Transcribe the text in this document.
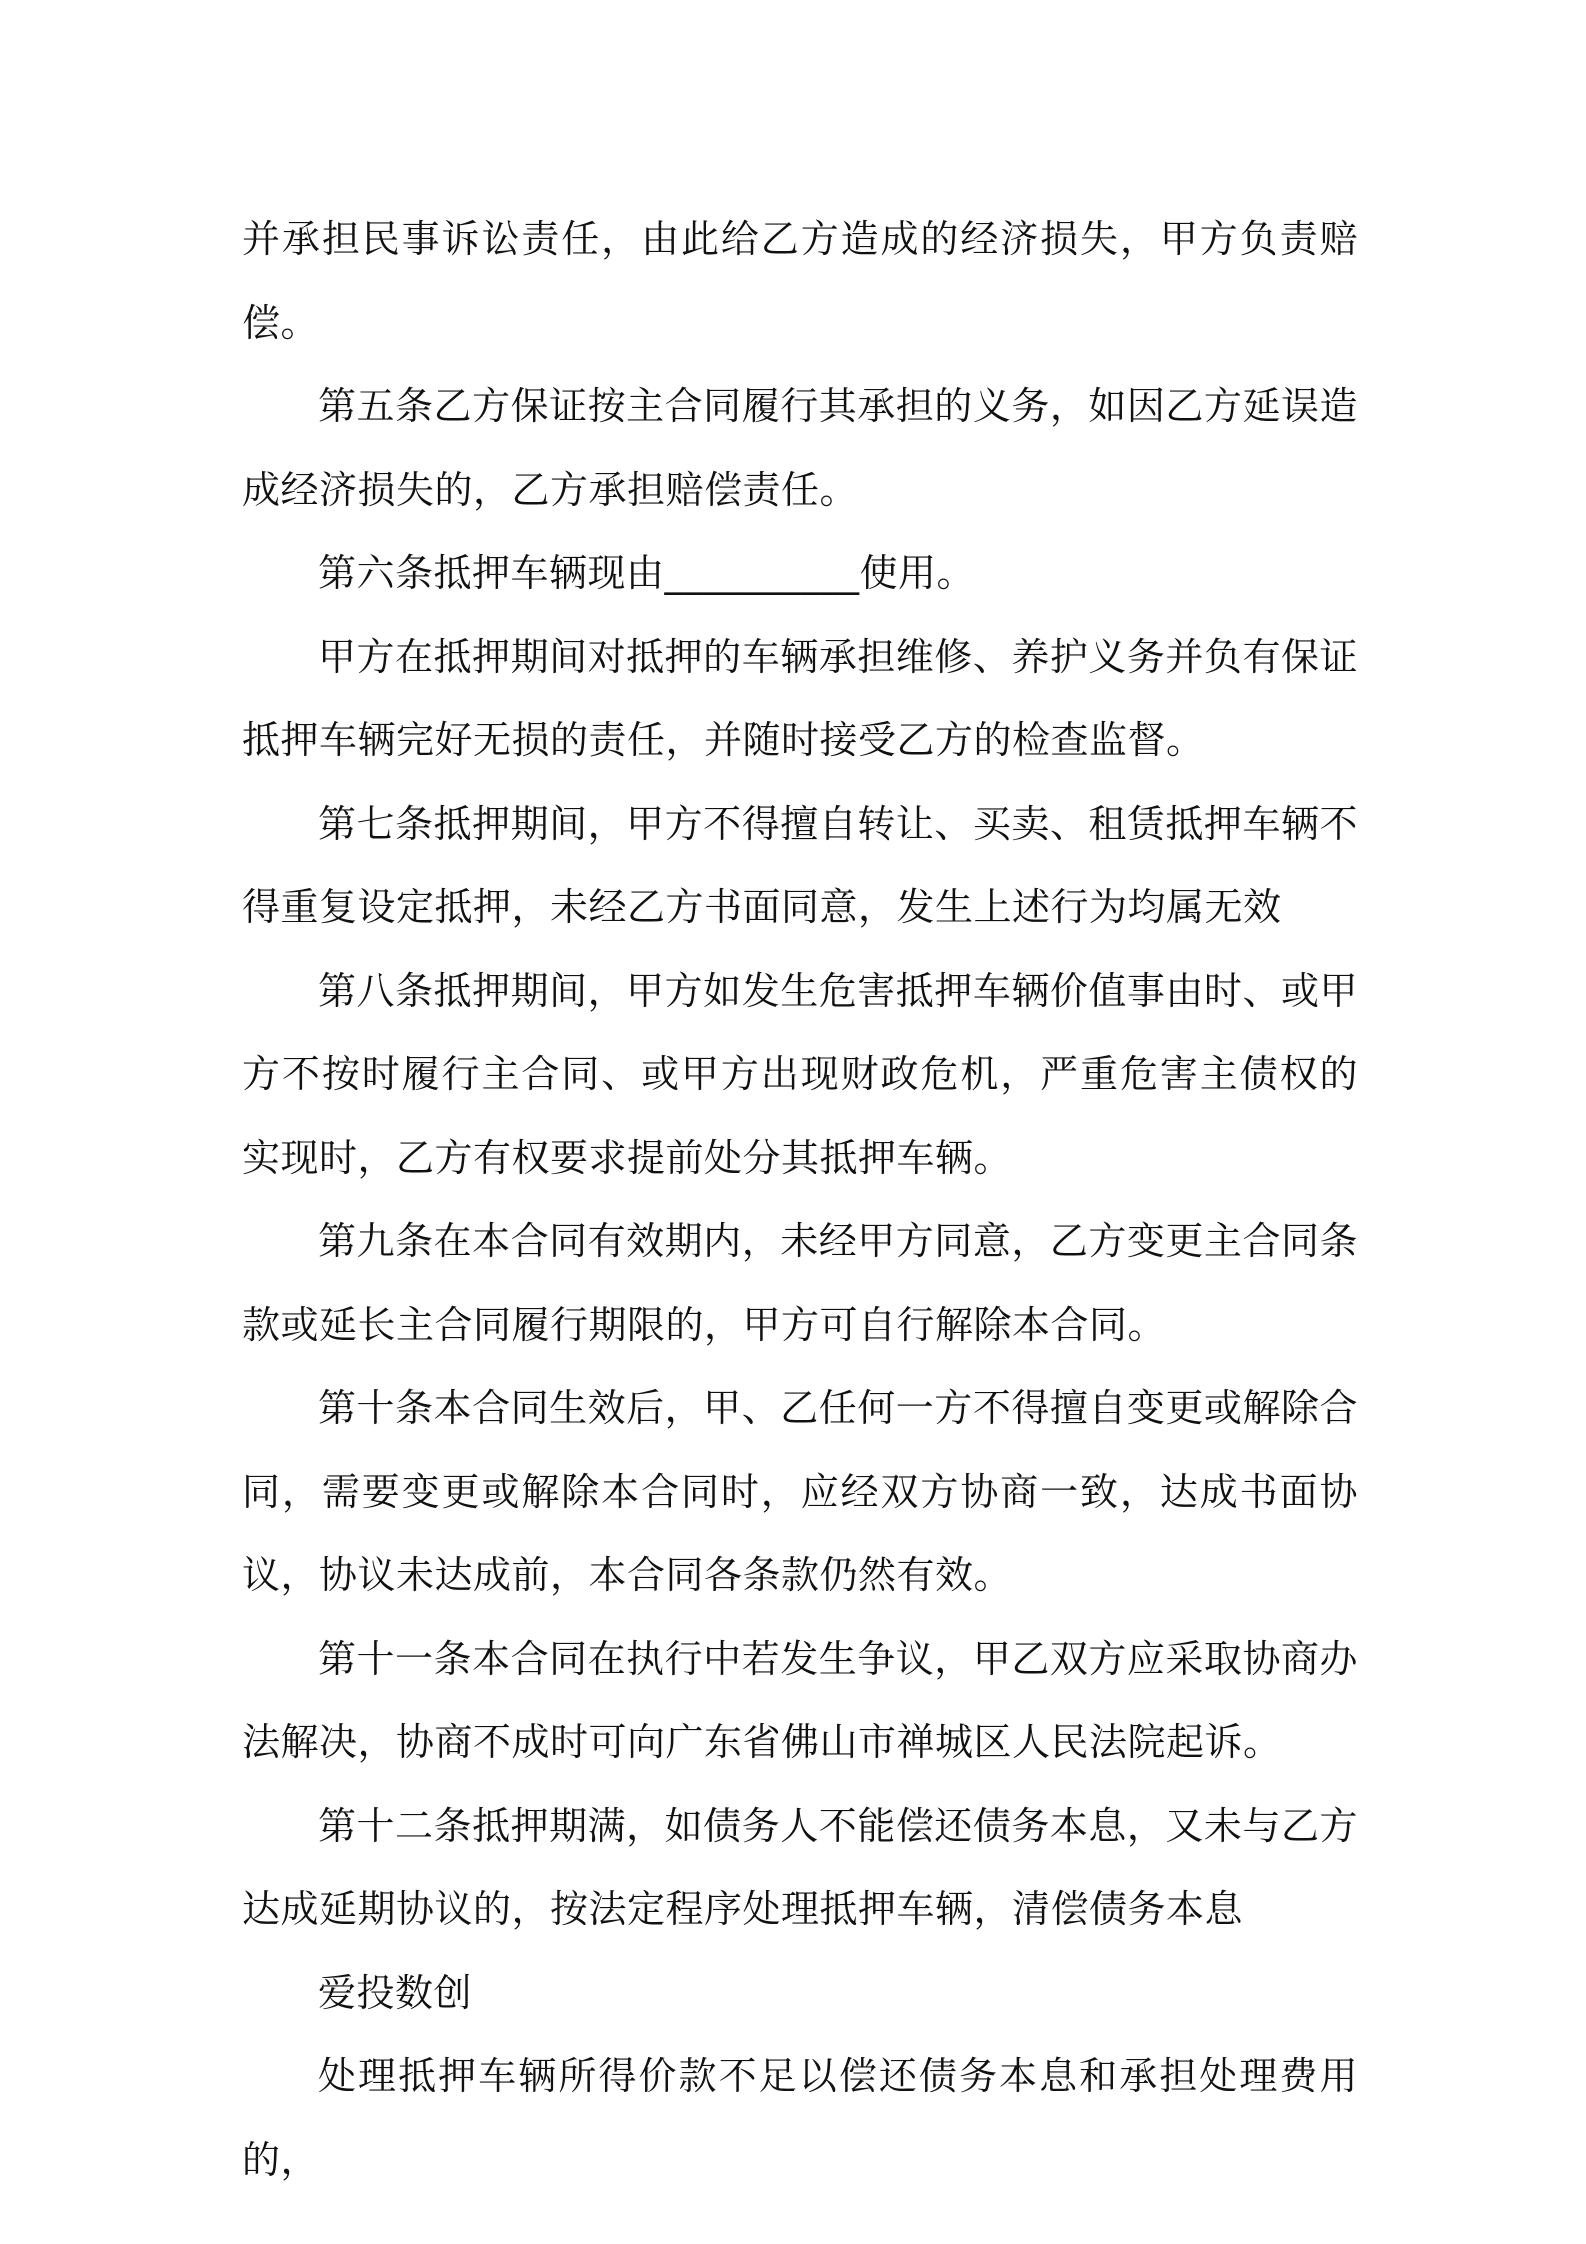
并承担民事诉讼责任，由此给乙方造成的经济损失，甲方负责赔偿。

第五条乙方保证按主合同履行其承担的义务，如因乙方延误造成经济损失的，乙方承担赔偿责任。

第六条抵押车辆现由__________使用。

甲方在抵押期间对抵押的车辆承担维修、养护义务并负有保证抵押车辆完好无损的责任，并随时接受乙方的检查监督。

第七条抵押期间，甲方不得擅自转让、买卖、租赁抵押车辆不得重复设定抵押，未经乙方书面同意，发生上述行为均属无效

第八条抵押期间，甲方如发生危害抵押车辆价值事由时、或甲方不按时履行主合同、或甲方出现财政危机，严重危害主债权的实现时，乙方有权要求提前处分其抵押车辆。

第九条在本合同有效期内，未经甲方同意，乙方变更主合同条款或延长主合同履行期限的，甲方可自行解除本合同。

第十条本合同生效后，甲、乙任何一方不得擅自变更或解除合同，需要变更或解除本合同时，应经双方协商一致，达成书面协议，协议未达成前，本合同各条款仍然有效。

第十一条本合同在执行中若发生争议，甲乙双方应采取协商办法解决，协商不成时可向广东省佛山市禅城区人民法院起诉。

第十二条抵押期满，如债务人不能偿还债务本息，又未与乙方达成延期协议的，按法定程序处理抵押车辆，清偿债务本息

爱投数创

处理抵押车辆所得价款不足以偿还债务本息和承担处理费用的，
